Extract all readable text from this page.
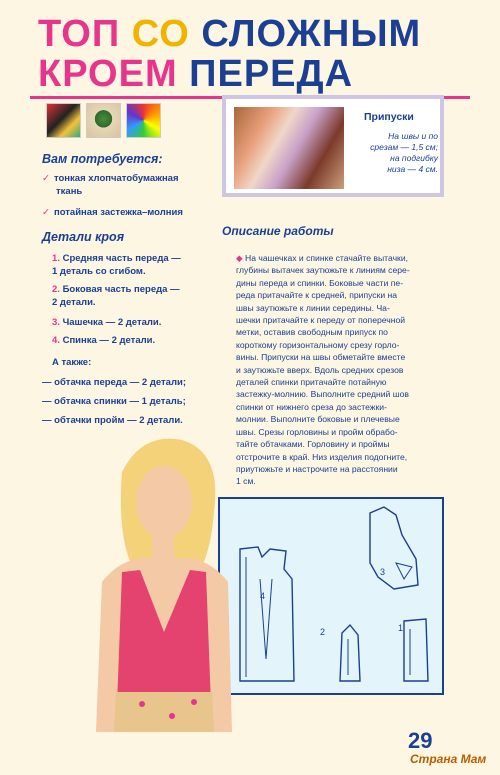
ТОП СО СЛОЖНЫМ
КРОЕМ ПЕРЕДА
Вам потребуется:
✓ тонкая хлопчатобумажная
ткань
✓ потайная застежка–молния
Детали кроя
1. Средняя часть переда —
1 деталь со сгибом.
2. Боковая часть переда —
2 детали.
3. Чашечка — 2 детали.
4. Спинка — 2 детали.
А также:
— обтачка переда — 2 детали;
— обтачка спинки — 1 деталь;
— обтачки пройм — 2 детали.
Припуски
На швы и по
срезам — 1,5 см;
на подгибку
низа — 4 см.
Описание работы

◆ На чашечках и спинке стачайте вытачки,

глубины вытачек заутюжьте к линиям сере-

дины переда и спинки. Боковые части пе-

реда притачайте к средней, припуски на

швы заутюжьте к линии середины. Ча-

шечки притачайте к переду от поперечной

метки, оставив свободным припуск по

короткому горизонтальному срезу горло-

вины. Припуски на швы обметайте вместе

и заутюжьте вверх. Вдоль средних срезов

деталей спинки притачайте потайную

застежку-молнию. Выполните средний шов

спинки от нижнего среза до застежки-

молнии. Выполните боковые и плечевые

швы. Срезы горловины и пройм обрабо-

тайте обтачками. Горловину и проймы

отстрочите в край. Низ изделия подогните,

приутюжьте и настрочите на расстоянии

1 см.

4
3
2	1
29
Страна Мам
